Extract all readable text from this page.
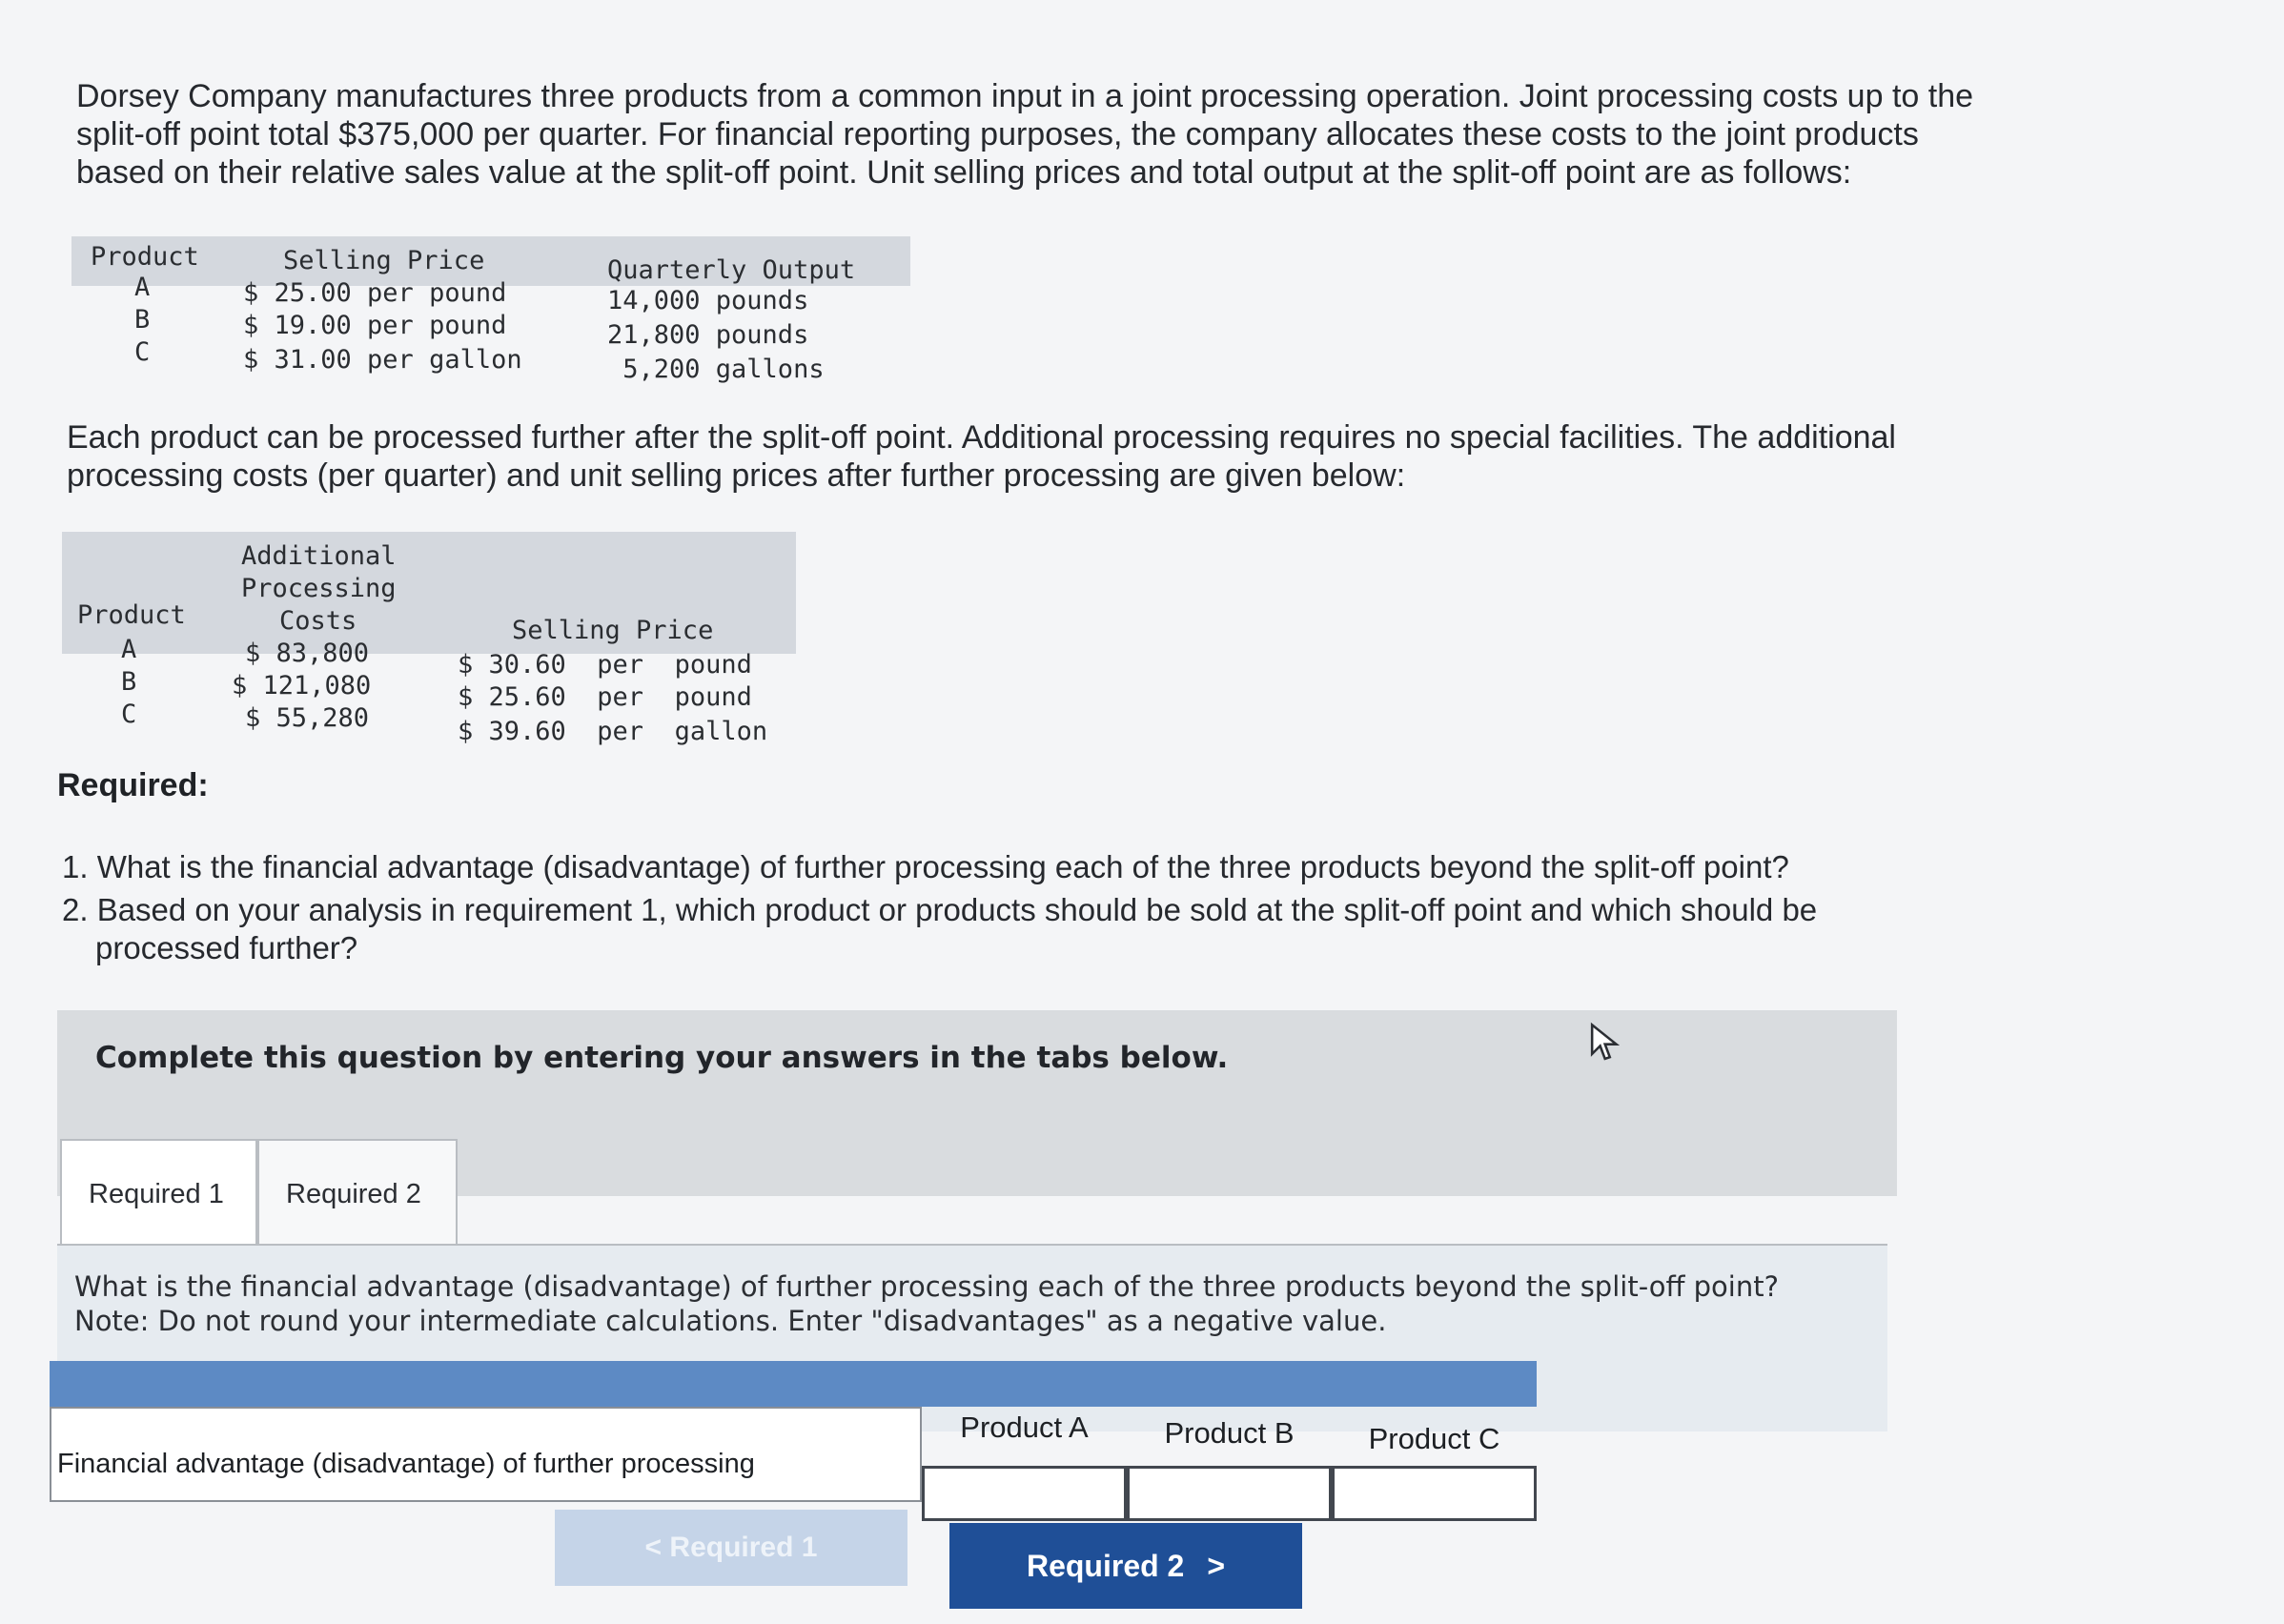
Dorsey Company manufactures three products from a common input in a joint processing operation. Joint processing costs up to the
split-off point total $375,000 per quarter. For financial reporting purposes, the company allocates these costs to the joint products
based on their relative sales value at the split-off point. Unit selling prices and total output at the split-off point are as follows:
Product	Selling Price	Quarterly Output
A	$ 25.00 per pound	14,000 pounds
B	$ 19.00 per pound	21,800 pounds
C	$ 31.00 per gallon	5,200 gallons
Each product can be processed further after the split-off point. Additional processing requires no special facilities. The additional
processing costs (per quarter) and unit selling prices after further processing are given below:
Additional
Processing
Product	Costs	Selling Price
A	$ 83,800	$ 30.60  per  pound
B	$ 121,080	$ 25.60  per  pound
C	$ 55,280	$ 39.60  per  gallon
Required:
1. What is the financial advantage (disadvantage) of further processing each of the three products beyond the split-off point?
2. Based on your analysis in requirement 1, which product or products should be sold at the split-off point and which should be
processed further?
Complete this question by entering your answers in the tabs below.
Required 1	Required 2
What is the financial advantage (disadvantage) of further processing each of the three products beyond the split-off point?
Note: Do not round your intermediate calculations. Enter "disadvantages" as a negative value.
Financial advantage (disadvantage) of further processing
Product A	Product B	Product C
< Required 1
Required 2 >
